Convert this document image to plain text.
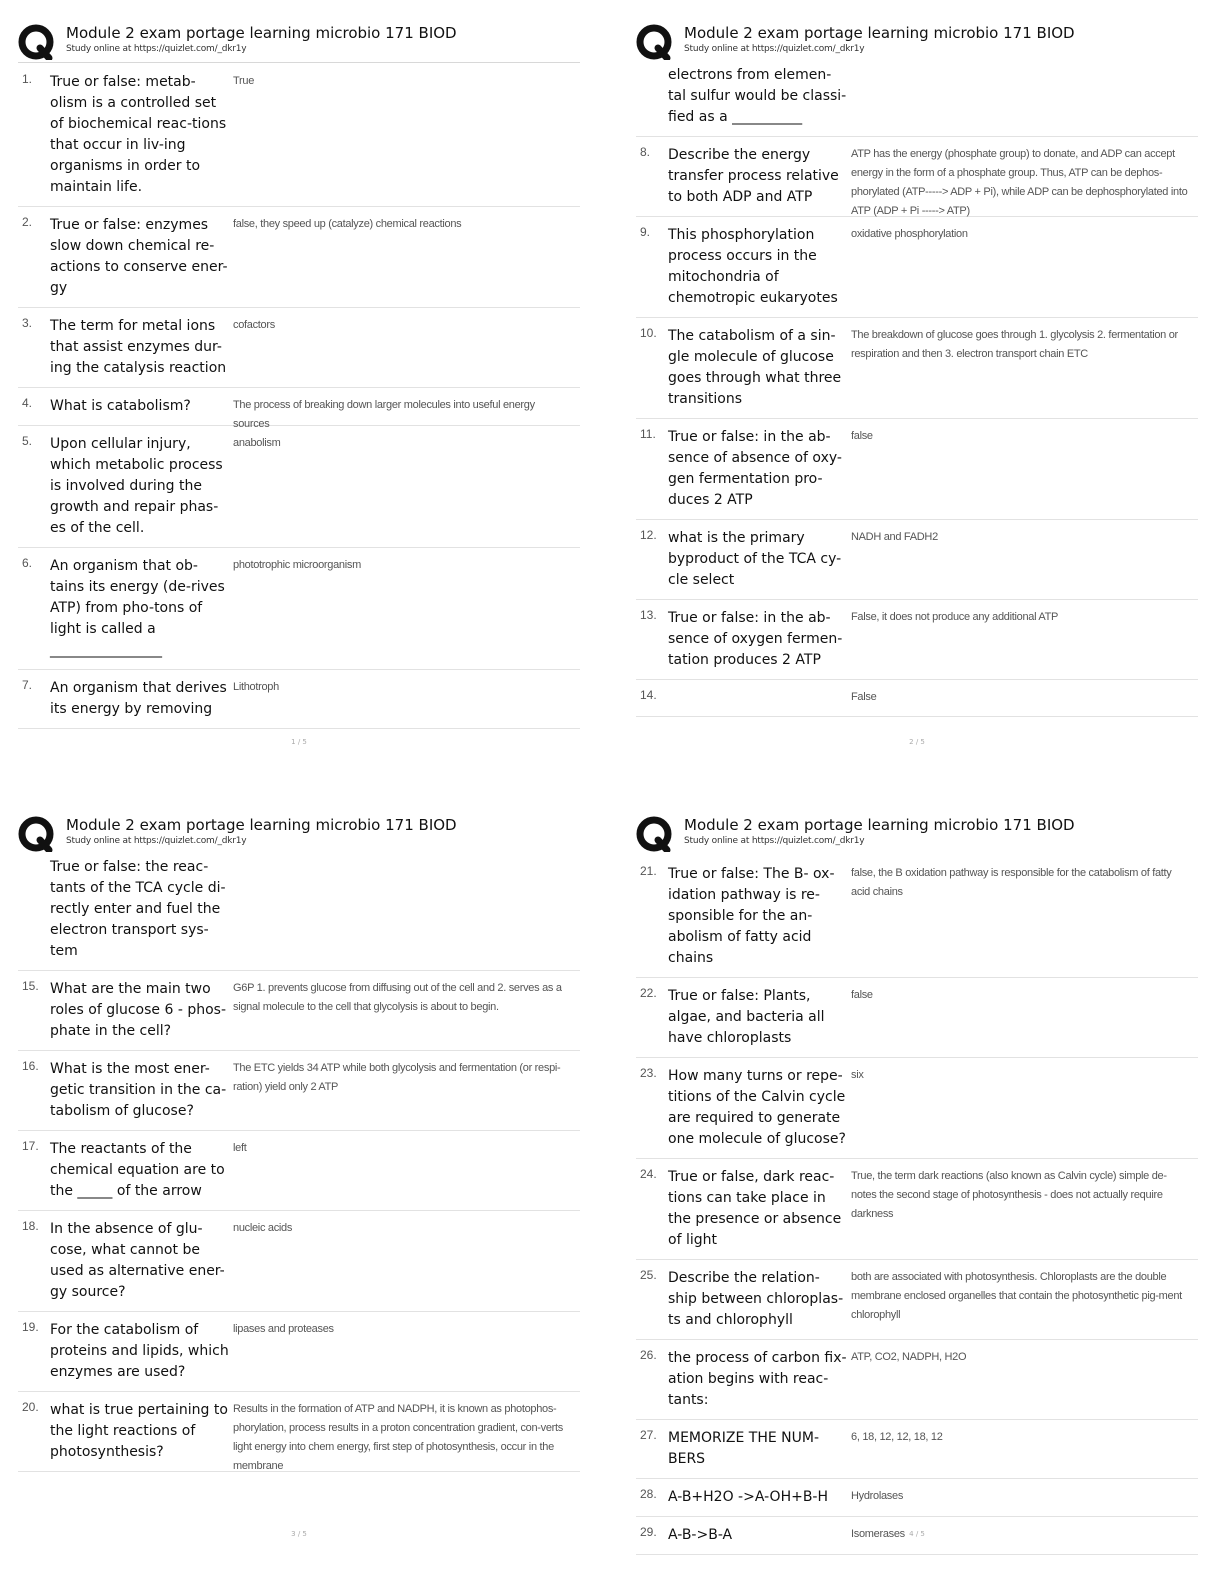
Module 2 exam portage learning microbio 171 BIOD
Study online at https://quizlet.com/_dkr1y
1. True or false: metab-olism is a controlled set of biochemical reac-tions that occur in liv-ing organisms in order to maintain life.
True
2. True or false: enzymes slow down chemical re-actions to conserve ener-gy
false, they speed up (catalyze) chemical reactions
3. The term for metal ions that assist enzymes dur-ing the catalysis reaction
cofactors
4. What is catabolism?	The process of breaking down larger molecules into useful energy sources
5. Upon cellular injury, which metabolic process is involved during the growth and repair phas-es of the cell.
anabolism
6. An organism that ob-tains its energy (de-rives ATP) from pho-tons of light is called a ________________
phototrophic microorganism
7. An organism that derives its energy by removing
Lithotroph
1 / 5
Module 2 exam portage learning microbio 171 BIOD
Study online at https://quizlet.com/_dkr1y
electrons from elemen-tal sulfur would be classi-fied as a __________
8. Describe the energy transfer process relative to both ADP and ATP
ATP has the energy (phosphate group) to donate, and ADP can accept energy in the form of a phosphate group. Thus, ATP can be dephos-phorylated (ATP-----> ADP + Pi), while ADP can be dephosphorylated into ATP (ADP + Pi -----> ATP)
9. This phosphorylation process occurs in the mitochondria of chemotropic eukaryotes
oxidative phosphorylation
10. The catabolism of a sin-gle molecule of glucose goes through what three transitions
The breakdown of glucose goes through 1. glycolysis 2. fermentation or respiration and then 3. electron transport chain ETC
11. True or false: in the ab-sence of absence of oxy-gen fermentation pro-duces 2 ATP
false
12. what is the primary byproduct of the TCA cy-cle select
NADH and FADH2
13. True or false: in the ab-sence of oxygen fermen-tation produces 2 ATP
False, it does not produce any additional ATP
14.	False
2 / 5
Module 2 exam portage learning microbio 171 BIOD
Study online at https://quizlet.com/_dkr1y
True or false: the reac-tants of the TCA cycle di-rectly enter and fuel the electron transport sys-tem
15. What are the main two roles of glucose 6 - phos-phate in the cell?
G6P 1. prevents glucose from diffusing out of the cell and 2. serves as a signal molecule to the cell that glycolysis is about to begin.
16. What is the most ener-getic transition in the ca-tabolism of glucose?
The ETC yields 34 ATP while both glycolysis and fermentation (or respi-ration) yield only 2 ATP
17. The reactants of the chemical equation are to the _____ of the arrow
left
18. In the absence of glu-cose, what cannot be used as alternative ener-gy source?
nucleic acids
19. For the catabolism of proteins and lipids, which enzymes are used?
lipases and proteases
20. what is true pertaining to the light reactions of photosynthesis?
Results in the formation of ATP and NADPH, it is known as photophos-phorylation, process results in a proton concentration gradient, con-verts light energy into chem energy, first step of photosynthesis, occur in the membrane
3 / 5
Module 2 exam portage learning microbio 171 BIOD
Study online at https://quizlet.com/_dkr1y
21. True or false: The B- ox-idation pathway is re-sponsible for the an-abolism of fatty acid chains
false, the B oxidation pathway is responsible for the catabolism of fatty acid chains
22. True or false: Plants, algae, and bacteria all have chloroplasts
false
23. How many turns or repe-titions of the Calvin cycle are required to generate one molecule of glucose?
six
24. True or false, dark reac-tions can take place in the presence or absence of light
True, the term dark reactions (also known as Calvin cycle) simple de-notes the second stage of photosynthesis - does not actually require darkness
25. Describe the relation-ship between chloroplas-ts and chlorophyll
both are associated with photosynthesis. Chloroplasts are the double membrane enclosed organelles that contain the photosynthetic pig-ment chlorophyll
26. the process of carbon fix-ation begins with reac-tants:
ATP, CO2, NADPH, H2O
27. MEMORIZE THE NUM-BERS
6, 18, 12, 12, 18, 12
28. A-B+H2O ->A-OH+B-H	Hydrolases
29. A-B->B-A	Isomerases 4 / 5
